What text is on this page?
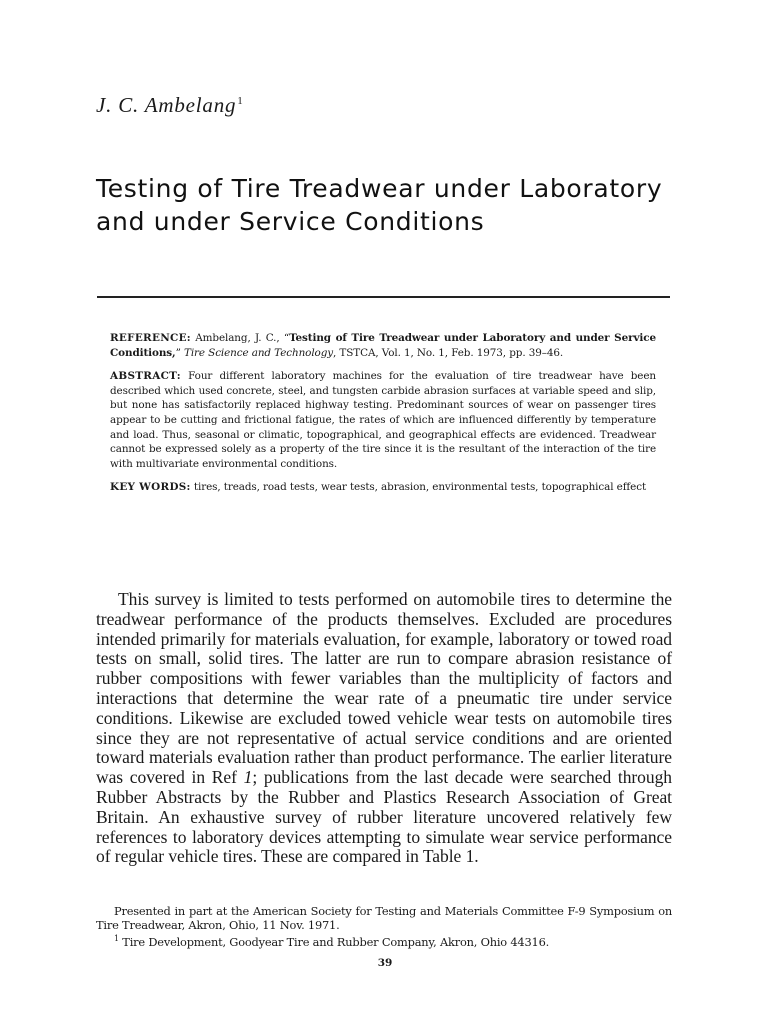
J. C. Ambelang$^1$
Testing of Tire Treadwear under Laboratory and under Service Conditions

REFERENCE: Ambelang, J. C., “Testing of Tire Treadwear under Laboratory and under Service Conditions,” Tire Science and Technology, TSTCA, Vol. 1, No. 1, Feb. 1973, pp. 39–46.

ABSTRACT: Four different laboratory machines for the evaluation of tire treadwear have been described which used concrete, steel, and tungsten carbide abrasion surfaces at variable speed and slip, but none has satisfactorily replaced highway testing. Predominant sources of wear on passenger tires appear to be cutting and frictional fatigue, the rates of which are influenced differently by temperature and load. Thus, seasonal or climatic, topographical, and geographical effects are evidenced. Treadwear cannot be expressed solely as a property of the tire since it is the resultant of the interaction of the tire with multivariate environmental conditions.

KEY WORDS: tires, treads, road tests, wear tests, abrasion, environmental tests, topographical effect

This survey is limited to tests performed on automobile tires to determine the treadwear performance of the products themselves. Excluded are procedures intended primarily for materials evaluation, for example, laboratory or towed road tests on small, solid tires. The latter are run to compare abrasion resistance of rubber compositions with fewer variables than the multiplicity of factors and interactions that determine the wear rate of a pneumatic tire under service conditions. Likewise are excluded towed vehicle wear tests on automobile tires since they are not representative of actual service conditions and are oriented toward materials evaluation rather than product performance. The earlier literature was covered in Ref 1; publications from the last decade were searched through Rubber Abstracts by the Rubber and Plastics Research Association of Great Britain. An exhaustive survey of rubber literature uncovered relatively few references to laboratory devices attempting to simulate wear service performance of regular vehicle tires. These are compared in Table 1.

Presented in part at the American Society for Testing and Materials Committee F-9 Symposium on Tire Treadwear, Akron, Ohio, 11 Nov. 1971.

$^1$ Tire Development, Goodyear Tire and Rubber Company, Akron, Ohio 44316.

39
